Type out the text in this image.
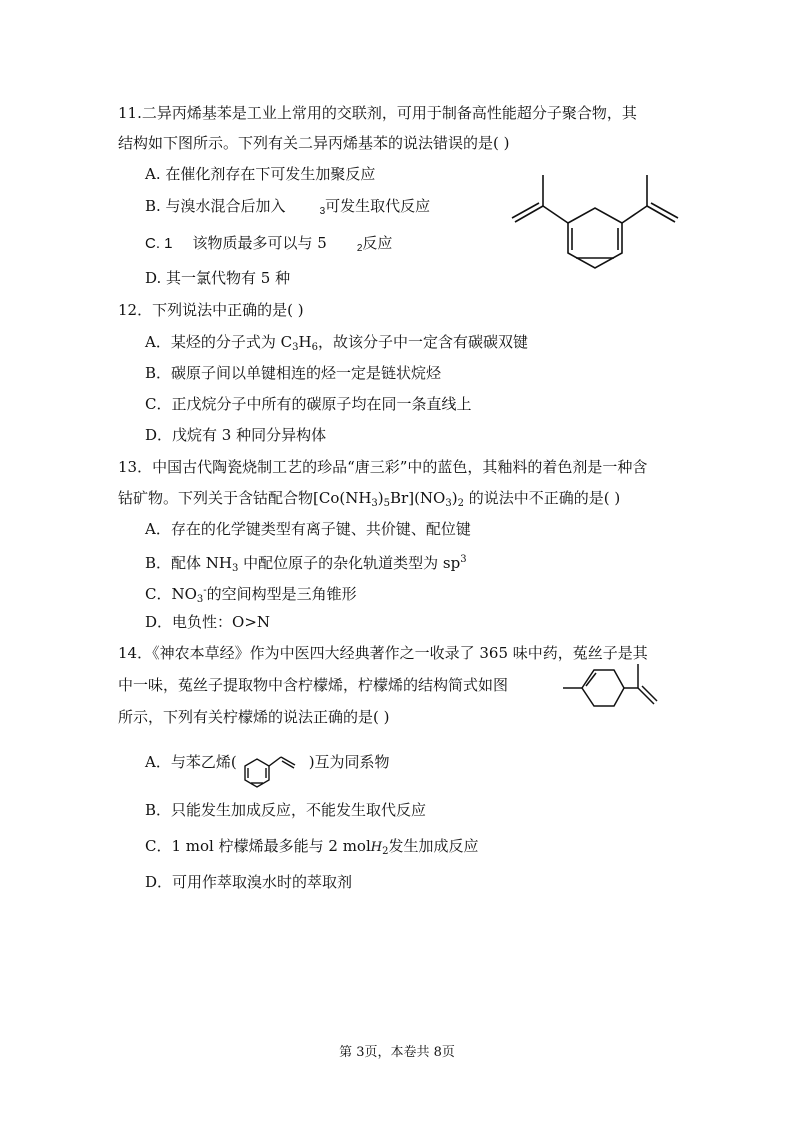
11.二异丙烯基苯是工业上常用的交联剂，可用于制备高性能超分子聚合物，其
结构如下图所示。下列有关二异丙烯基苯的说法错误的是( )
A. 在催化剂存在下可发生加聚反应
B. 与溴水混合后加入	$_3$可发生取代反应
C. 1 该物质最多可以与 5	$_2$反应
D. 其一氯代物有 5 种
12．下列说法中正确的是( )
A．某烃的分子式为 $C_3H_6$，故该分子中一定含有碳碳双键
B．碳原子间以单键相连的烃一定是链状烷烃
C．正戊烷分子中所有的碳原子均在同一条直线上
D．戊烷有 3 种同分异构体
13．中国古代陶瓷烧制工艺的珍品“唐三彩”中的蓝色，其釉料的着色剂是一种含
钴矿物。下列关于含钴配合物$[Co(NH_3)_5Br](NO_3)_2$ 的说法中不正确的是( )
A．存在的化学键类型有离子键、共价键、配位键
B．配体 $NH_3$ 中配位原子的杂化轨道类型为 $sp^3$
C．$NO_3^-$的空间构型是三角锥形
D．电负性：O>N
14．《神农本草经》作为中医四大经典著作之一收录了 365 味中药，菟丝子是其
中一味，菟丝子提取物中含柠檬烯，柠檬烯的结构简式如图
所示，下列有关柠檬烯的说法正确的是( )
A．与苯乙烯(	)互为同系物
B．只能发生加成反应，不能发生取代反应
C．1 mol 柠檬烯最多能与 2 molH$_2$发生加成反应
D．可用作萃取溴水时的萃取剂
第 3页，本卷共 8页
